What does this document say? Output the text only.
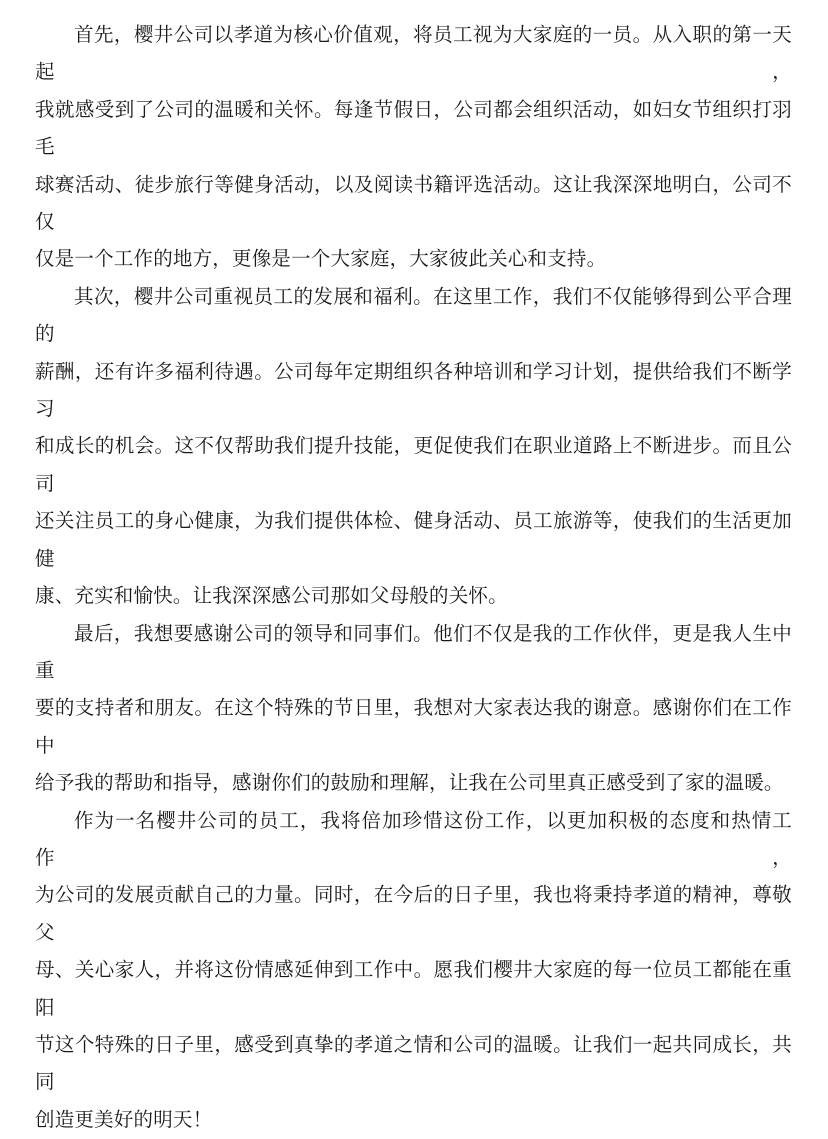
首先，樱井公司以孝道为核心价值观，将员工视为大家庭的一员。从入职的第一天起，
我就感受到了公司的温暖和关怀。每逢节假日，公司都会组织活动，如妇女节组织打羽毛
球赛活动、徒步旅行等健身活动，以及阅读书籍评选活动。这让我深深地明白，公司不仅
仅是一个工作的地方，更像是一个大家庭，大家彼此关心和支持。
其次，樱井公司重视员工的发展和福利。在这里工作，我们不仅能够得到公平合理的
薪酬，还有许多福利待遇。公司每年定期组织各种培训和学习计划，提供给我们不断学习
和成长的机会。这不仅帮助我们提升技能，更促使我们在职业道路上不断进步。而且公司
还关注员工的身心健康，为我们提供体检、健身活动、员工旅游等，使我们的生活更加健
康、充实和愉快。让我深深感公司那如父母般的关怀。
最后，我想要感谢公司的领导和同事们。他们不仅是我的工作伙伴，更是我人生中重
要的支持者和朋友。在这个特殊的节日里，我想对大家表达我的谢意。感谢你们在工作中
给予我的帮助和指导，感谢你们的鼓励和理解，让我在公司里真正感受到了家的温暖。
作为一名樱井公司的员工，我将倍加珍惜这份工作，以更加积极的态度和热情工作，
为公司的发展贡献自己的力量。同时，在今后的日子里，我也将秉持孝道的精神，尊敬父
母、关心家人，并将这份情感延伸到工作中。愿我们樱井大家庭的每一位员工都能在重阳
节这个特殊的日子里，感受到真挚的孝道之情和公司的温暖。让我们一起共同成长，共同
创造更美好的明天！
